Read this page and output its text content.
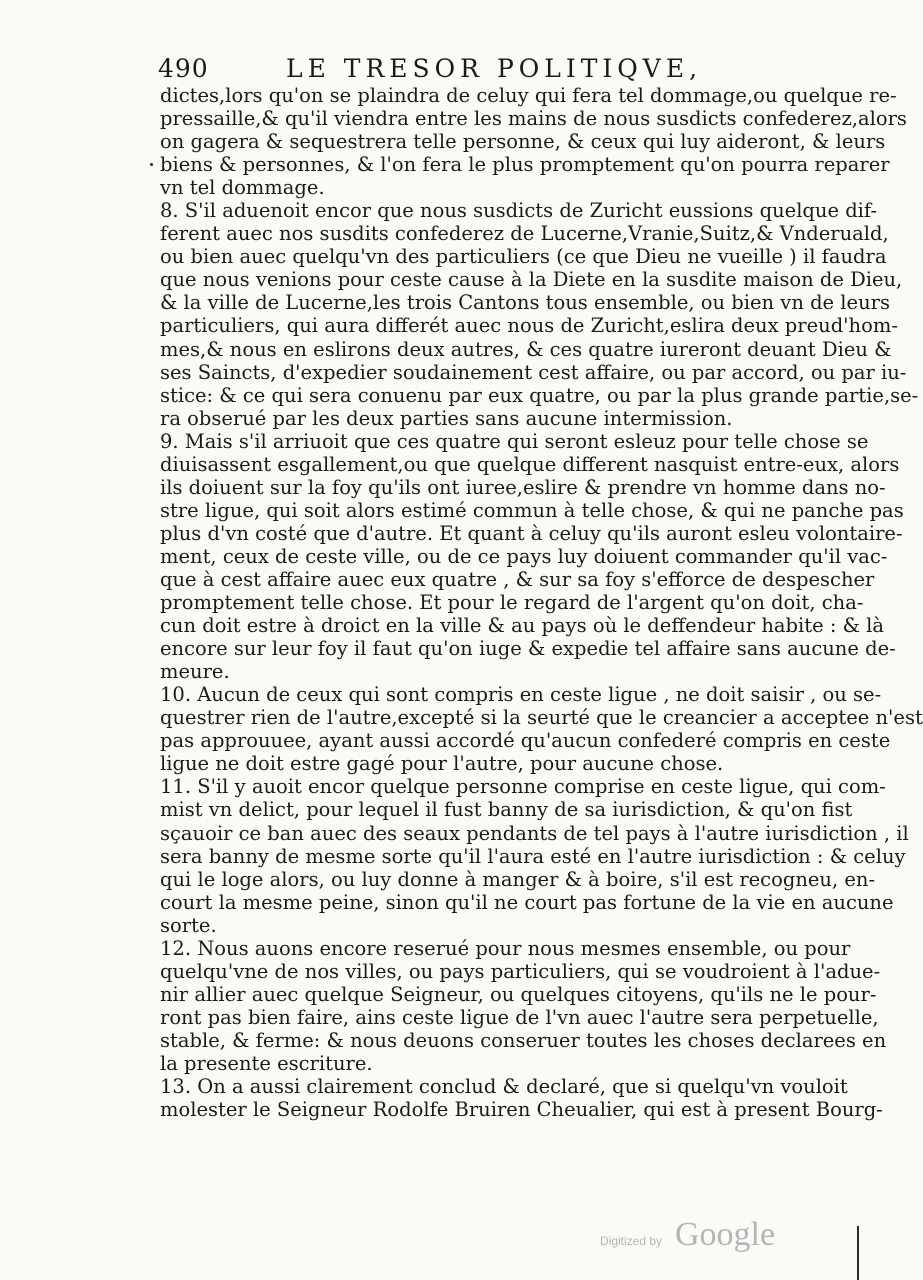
490	LE TRESOR POLITIQVE,
dictes,lors qu'on se plaindra de celuy qui fera tel dommage,ou quelque re-
pressaille,& qu'il viendra entre les mains de nous susdicts confederez,alors
on gagera & sequestrera telle personne, & ceux qui luy aideront, & leurs
biens & personnes, & l'on fera le plus promptement qu'on pourra reparer
vn tel dommage.
8. S'il aduenoit encor que nous susdicts de Zuricht eussions quelque dif-
ferent auec nos susdits confederez de Lucerne,Vranie,Suitz,& Vnderuald,
ou bien auec quelqu'vn des particuliers (ce que Dieu ne vueille ) il faudra
que nous venions pour ceste cause à la Diete en la susdite maison de Dieu,
& la ville de Lucerne,les trois Cantons tous ensemble, ou bien vn de leurs
particuliers, qui aura differét auec nous de Zuricht,eslira deux preud'hom-
mes,& nous en eslirons deux autres, & ces quatre iureront deuant Dieu &
ses Saincts, d'expedier soudainement cest affaire, ou par accord, ou par iu-
stice: & ce qui sera conuenu par eux quatre, ou par la plus grande partie,se-
ra obserué par les deux parties sans aucune intermission.
9. Mais s'il arriuoit que ces quatre qui seront esleuz pour telle chose se
diuisassent esgallement,ou que quelque different nasquist entre-eux, alors
ils doiuent sur la foy qu'ils ont iuree,eslire & prendre vn homme dans no-
stre ligue, qui soit alors estimé commun à telle chose, & qui ne panche pas
plus d'vn costé que d'autre. Et quant à celuy qu'ils auront esleu volontaire-
ment, ceux de ceste ville, ou de ce pays luy doiuent commander qu'il vac-
que à cest affaire auec eux quatre , & sur sa foy s'efforce de despescher
promptement telle chose. Et pour le regard de l'argent qu'on doit, cha-
cun doit estre à droict en la ville & au pays où le deffendeur habite : & là
encore sur leur foy il faut qu'on iuge & expedie tel affaire sans aucune de-
meure.
10. Aucun de ceux qui sont compris en ceste ligue , ne doit saisir , ou se-
questrer rien de l'autre,excepté si la seurté que le creancier a acceptee n'est
pas approuuee, ayant aussi accordé qu'aucun confederé compris en ceste
ligue ne doit estre gagé pour l'autre, pour aucune chose.
11. S'il y auoit encor quelque personne comprise en ceste ligue, qui com-
mist vn delict, pour lequel il fust banny de sa iurisdiction, & qu'on fist
sçauoir ce ban auec des seaux pendants de tel pays à l'autre iurisdiction , il
sera banny de mesme sorte qu'il l'aura esté en l'autre iurisdiction : & celuy
qui le loge alors, ou luy donne à manger & à boire, s'il est recogneu, en-
court la mesme peine, sinon qu'il ne court pas fortune de la vie en aucune
sorte.
12. Nous auons encore reserué pour nous mesmes ensemble, ou pour
quelqu'vne de nos villes, ou pays particuliers, qui se voudroient à l'adue-
nir allier auec quelque Seigneur, ou quelques citoyens, qu'ils ne le pour-
ront pas bien faire, ains ceste ligue de l'vn auec l'autre sera perpetuelle,
stable, & ferme: & nous deuons conseruer toutes les choses declarees en
la presente escriture.
13. On a aussi clairement conclud & declaré, que si quelqu'vn vouloit
molester le Seigneur Rodolfe Bruiren Cheualier, qui est à present Bourg-
Digitized by Google
